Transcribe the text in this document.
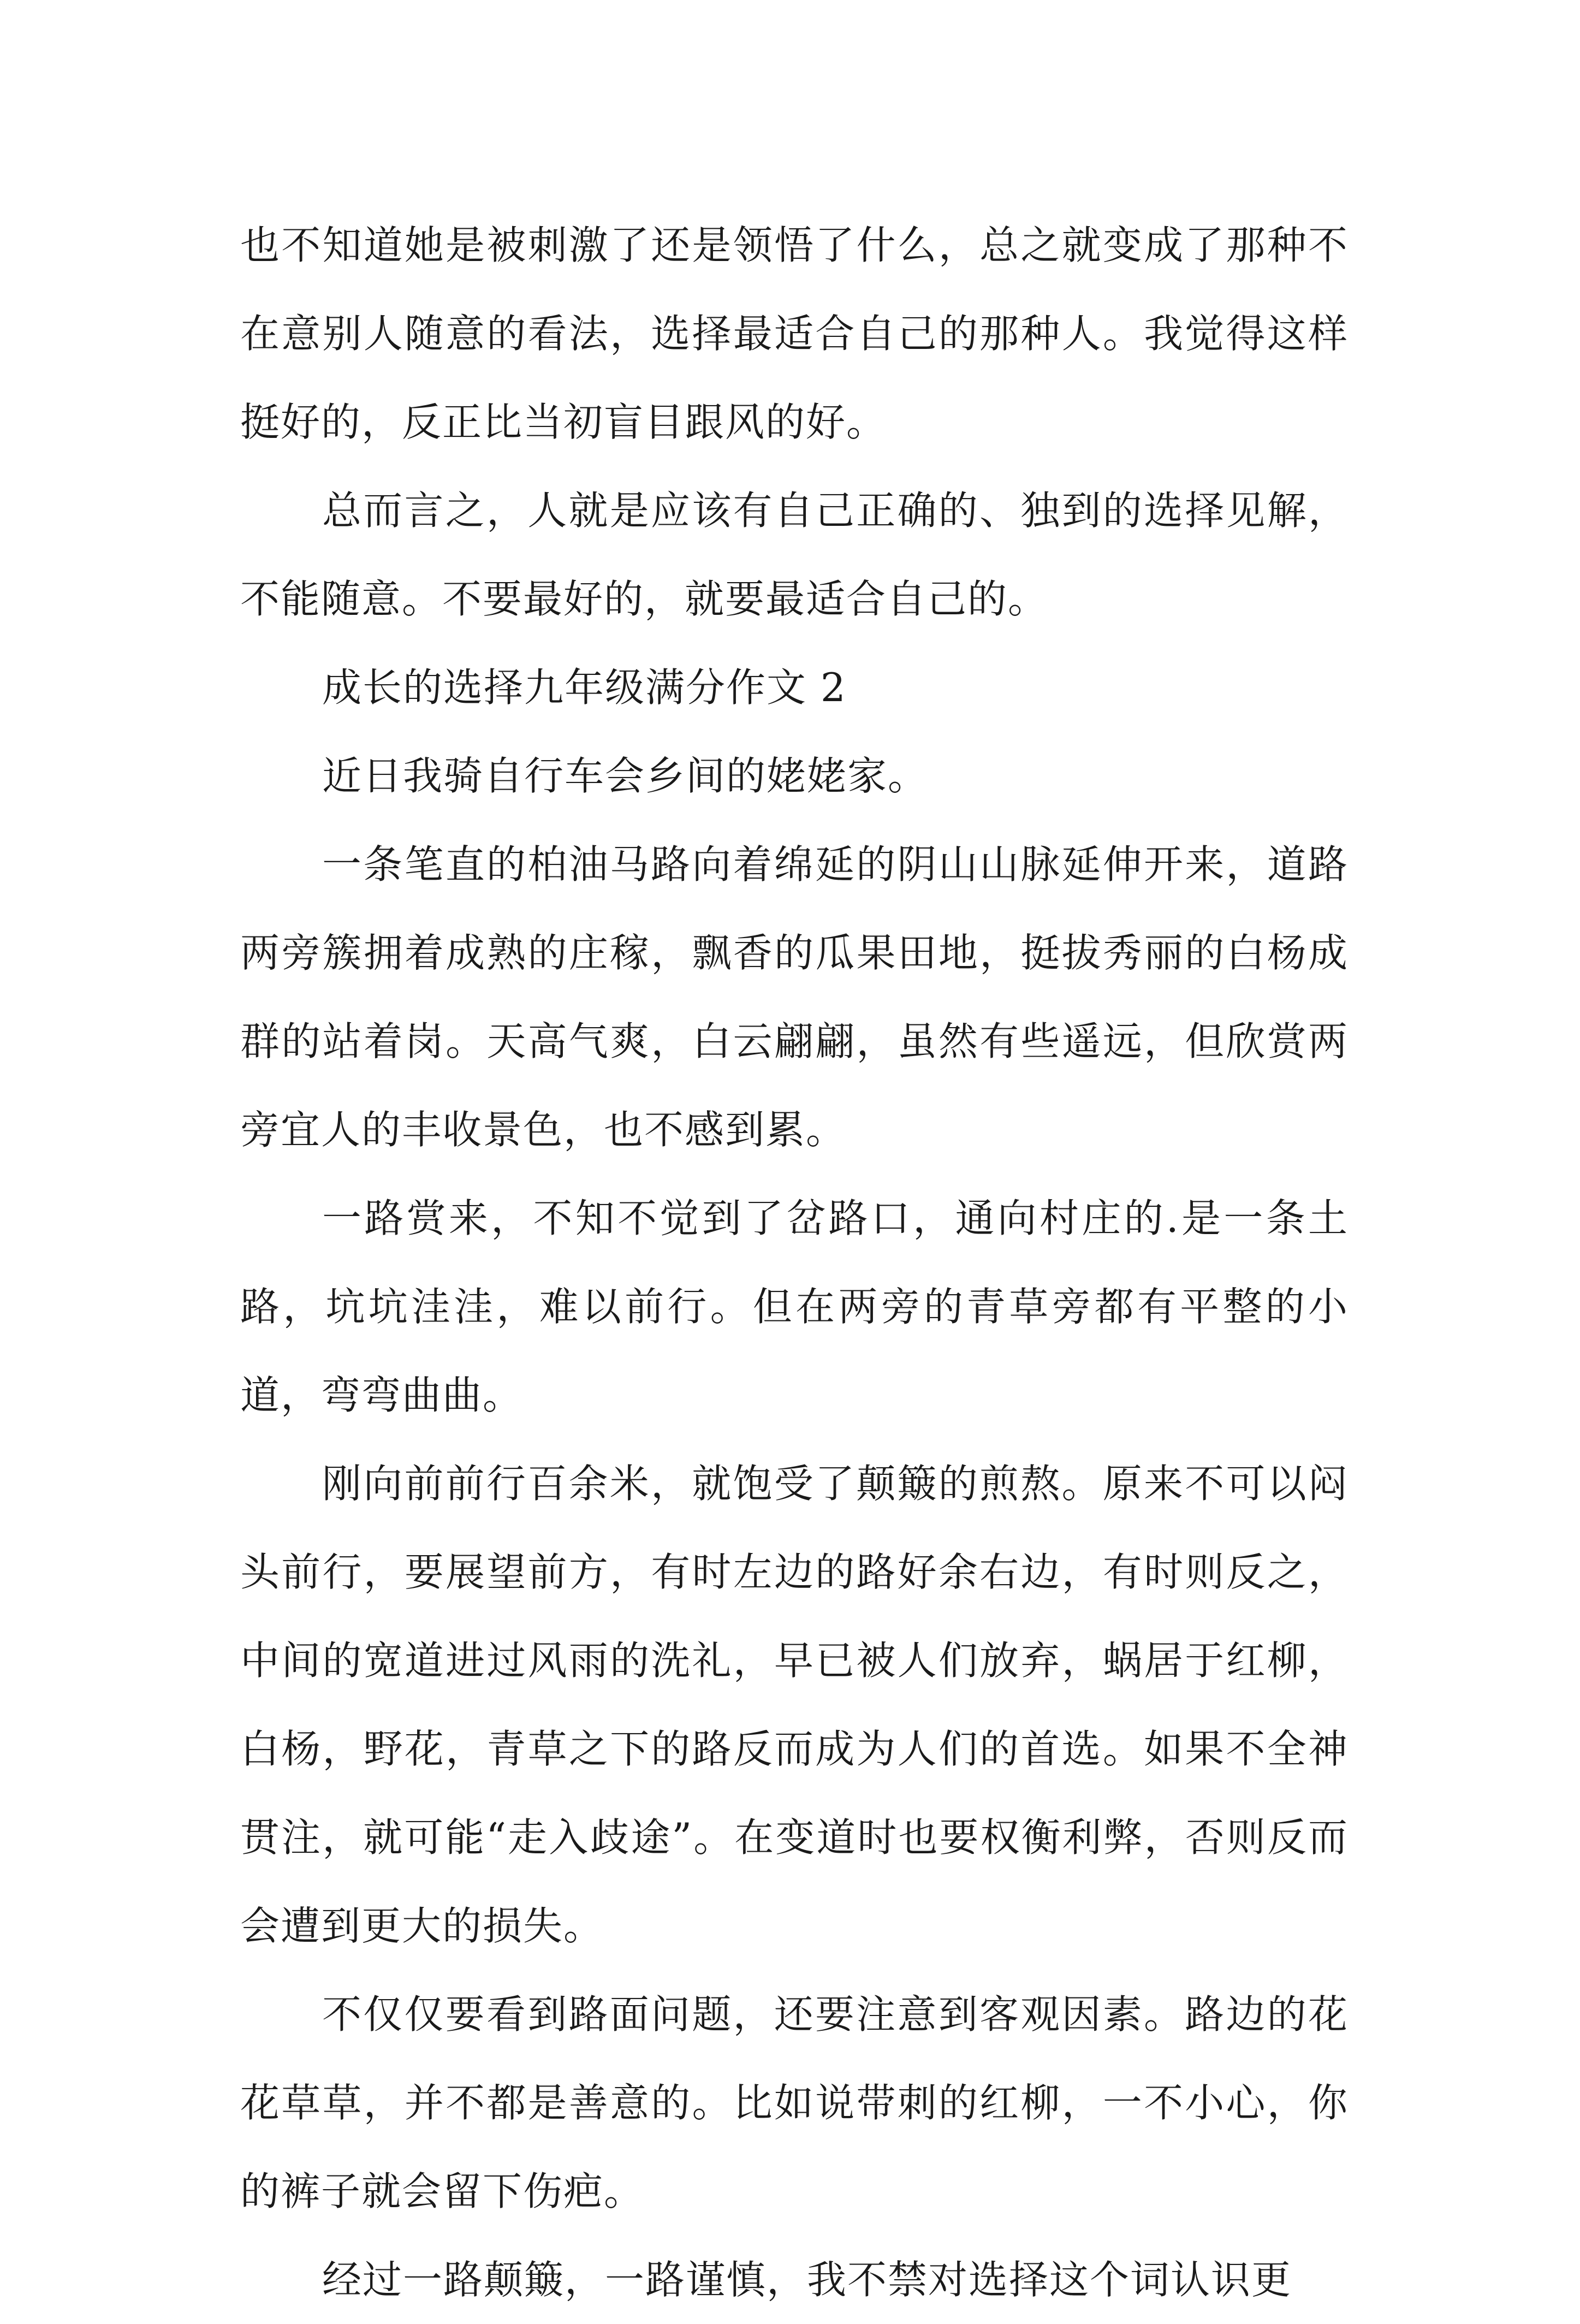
也不知道她是被刺激了还是领悟了什么，总之就变成了那种不在意别人随意的看法，选择最适合自己的那种人。我觉得这样挺好的，反正比当初盲目跟风的好。

总而言之，人就是应该有自己正确的、独到的选择见解，不能随意。不要最好的，就要最适合自己的。

成长的选择九年级满分作文 2

近日我骑自行车会乡间的姥姥家。

一条笔直的柏油马路向着绵延的阴山山脉延伸开来，道路两旁簇拥着成熟的庄稼，飘香的瓜果田地，挺拔秀丽的白杨成群的站着岗。天高气爽，白云翩翩，虽然有些遥远，但欣赏两旁宜人的丰收景色，也不感到累。

一路赏来，不知不觉到了岔路口，通向村庄的.是一条土路，坑坑洼洼，难以前行。但在两旁的青草旁都有平整的小道，弯弯曲曲。

刚向前前行百余米，就饱受了颠簸的煎熬。原来不可以闷头前行，要展望前方，有时左边的路好余右边，有时则反之，中间的宽道进过风雨的洗礼，早已被人们放弃，蜗居于红柳，白杨，野花，青草之下的路反而成为人们的首选。如果不全神贯注，就可能“走入歧途”。在变道时也要权衡利弊，否则反而会遭到更大的损失。

不仅仅要看到路面问题，还要注意到客观因素。路边的花花草草，并不都是善意的。比如说带刺的红柳，一不小心，你的裤子就会留下伤疤。

经过一路颠簸，一路谨慎，我不禁对选择这个词认识更
